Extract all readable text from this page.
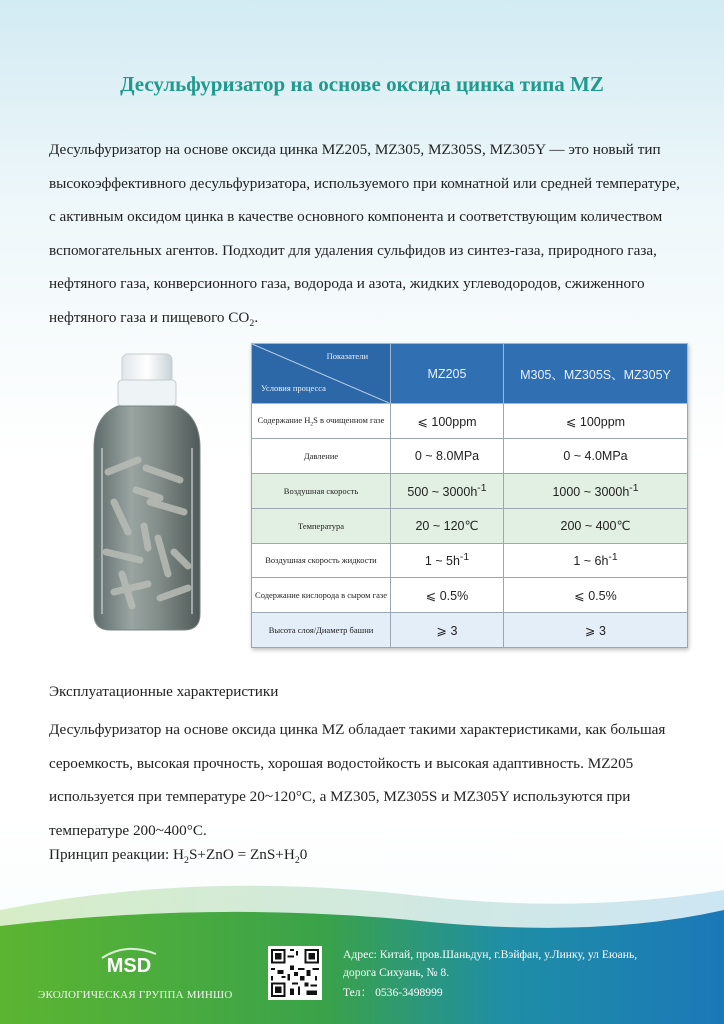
Десульфуризатор на основе оксида цинка типа MZ
Десульфуризатор на основе оксида цинка MZ205, MZ305, MZ305S, MZ305Y — это новый тип высокоэффективного десульфуризатора, используемого при комнатной или средней температуре, с активным оксидом цинка в качестве основного компонента и соответствующим количеством вспомогательных агентов. Подходит для удаления сульфидов из синтез-газа, природного газа, нефтяного газа, конверсионного газа, водорода и азота, жидких углеводородов, сжиженного нефтяного газа и пищевого $CO_2$.
Показатели
Условия процесса	MZ205	M305、MZ305S、MZ305Y
Содержание $H_2S$ в очищенном газе	⩽ 100ppm	⩽ 100ppm
Давление	0 ~ 8.0MPa	0 ~ 4.0MPa
Воздушная скорость	500 ~ $3000h^{-1}$	1000 ~ $3000h^{-1}$
Температура	20 ~ 120℃	200 ~ 400℃
Воздушная скорость жидкости	1 ~ $5h^{-1}$	1 ~ $6h^{-1}$
Содержание кислорода в сыром газе	⩽ 0.5%	⩽ 0.5%
Высота слоя/Диаметр башни	⩾ 3	⩾ 3
Эксплуатационные характеристики
Десульфуризатор на основе оксида цинка MZ обладает такими характеристиками, как большая сероемкость, высокая прочность, хорошая водостойкость и высокая адаптивность. MZ205 используется при температуре 20~120°C, а MZ305, MZ305S и MZ305Y используются при температуре 200~400°C.
Принцип реакции: $H_2S+ZnO = ZnS+H_20$
MSD
ЭКОЛОГИЧЕСКАЯ ГРУППА МИНШО
Адрес: Китай, пров.Шаньдун, г.Вэйфан, у.Линку, ул Еюань,
дорога Сихуань, № 8.
Тел： 0536-3498999
